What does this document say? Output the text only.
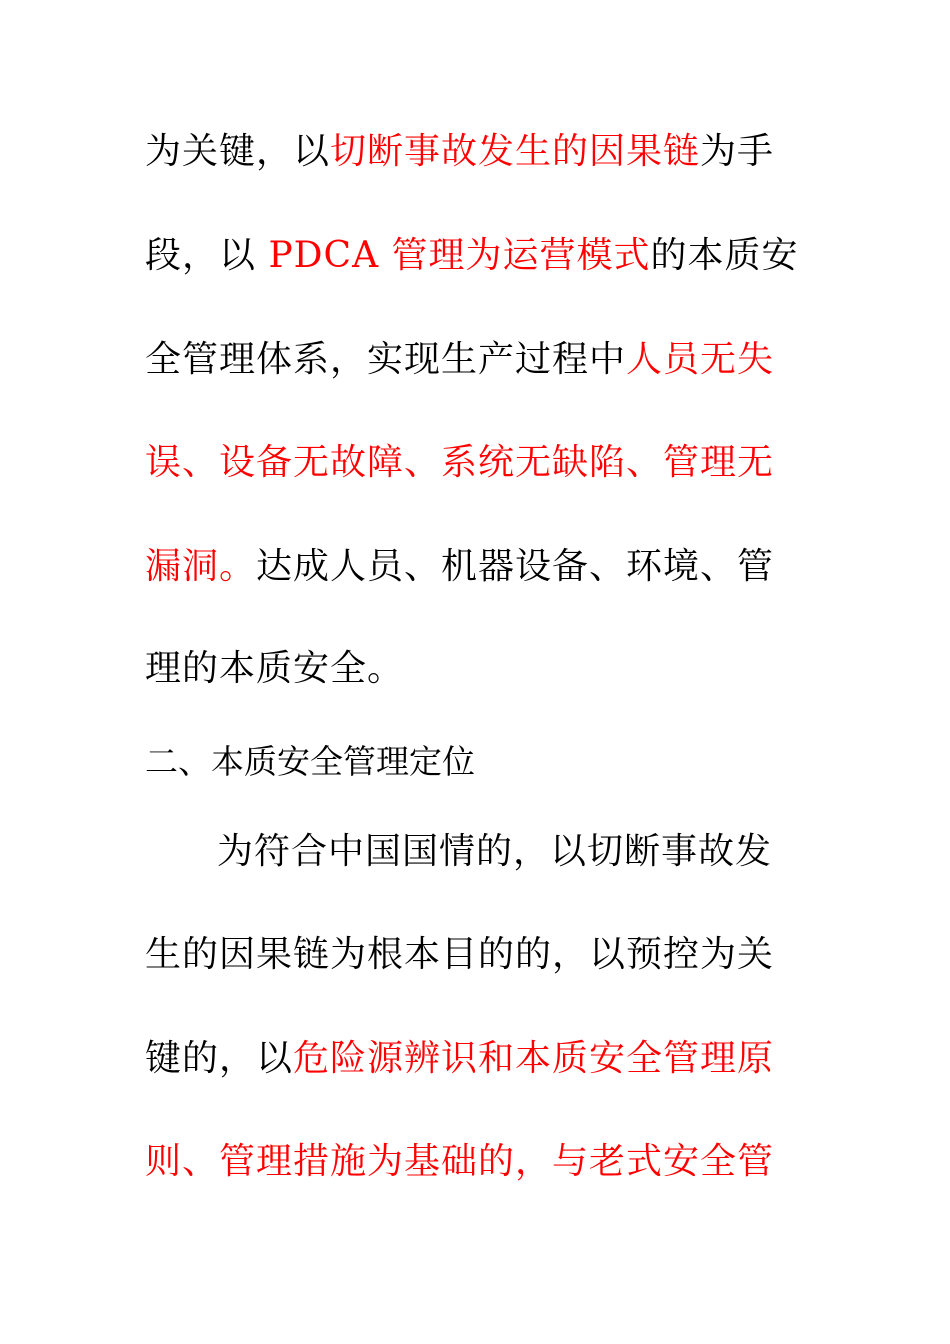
为关键，以切断事故发生的因果链为手
段，以 PDCA 管理为运营模式的本质安
全管理体系，实现生产过程中人员无失
误、设备无故障、系统无缺陷、管理无
漏洞。达成人员、机器设备、环境、管
理的本质安全。
二、本质安全管理定位
为符合中国国情的，以切断事故发
生的因果链为根本目的的，以预控为关
键的，以危险源辨识和本质安全管理原
则、管理措施为基础的，与老式安全管
